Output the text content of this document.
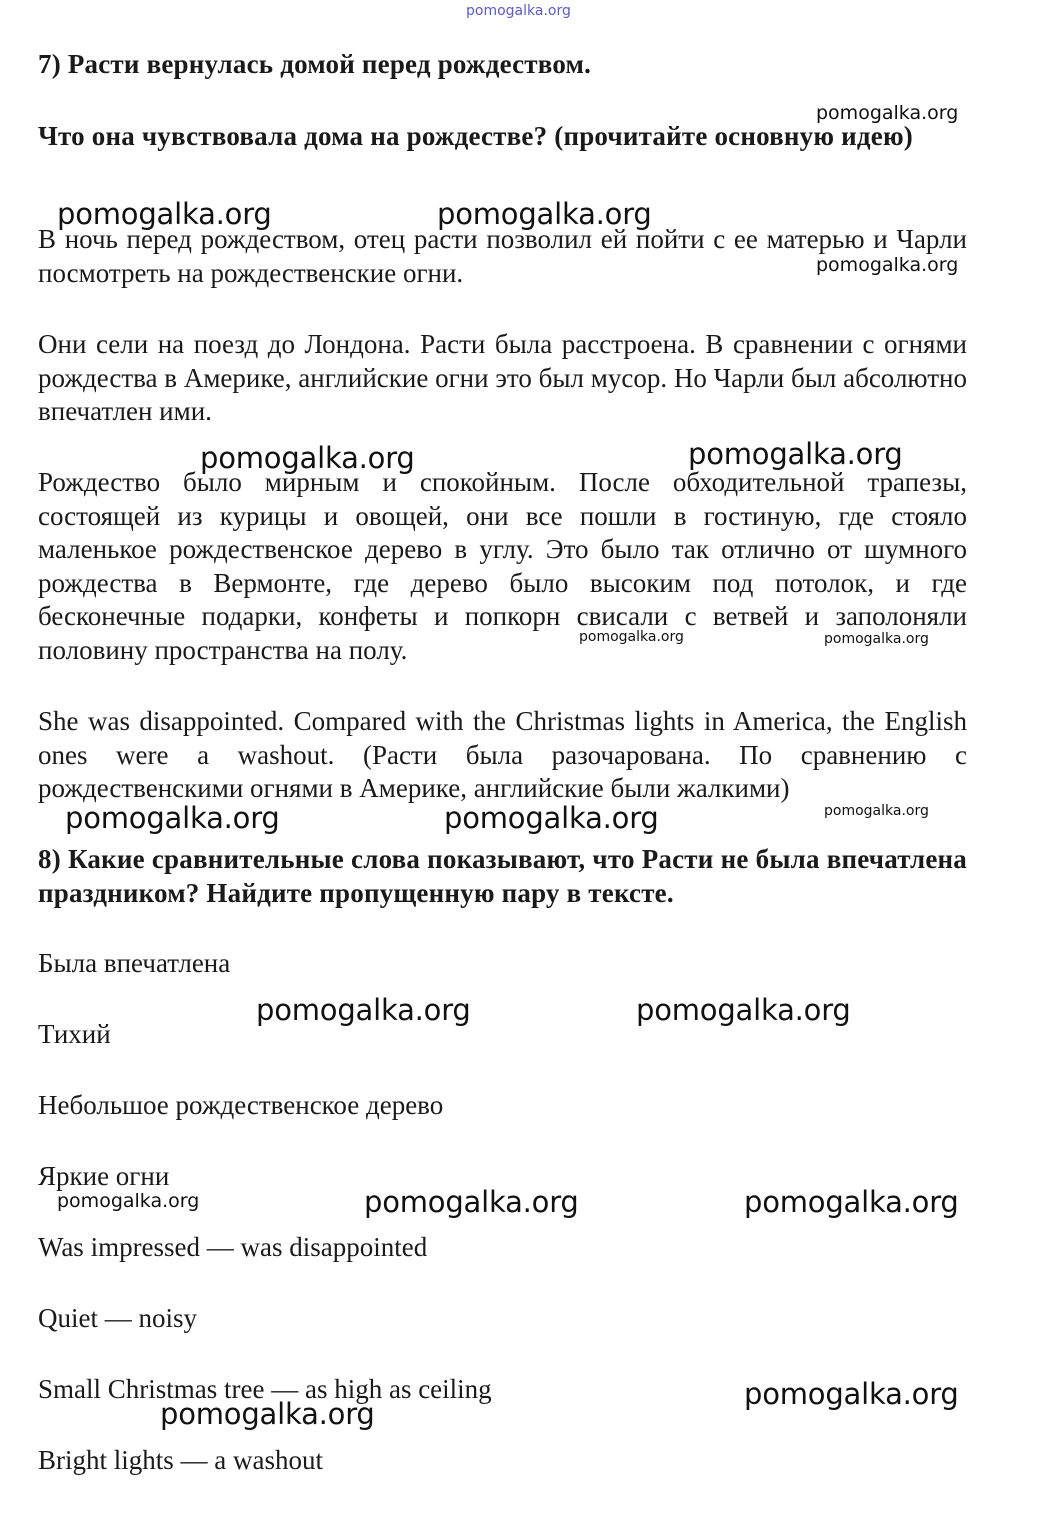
pomogalka.org

7) Расти вернулась домой перед рождеством.

Что она чувствовала дома на рождестве? (прочитайте основную идею)

В ночь перед рождеством, отец расти позволил ей пойти с ее матерью и Чарли посмотреть на рождественские огни.

Они сели на поезд до Лондона. Расти была расстроена. В сравнении с огнями рождества в Америке, английские огни это был мусор. Но Чарли был абсолютно впечатлен ими.

Рождество было мирным и спокойным. После обходительной трапезы, состоящей из курицы и овощей, они все пошли в гостиную, где стояло маленькое рождественское дерево в углу. Это было так отлично от шумного рождества в Вермонте, где дерево было высоким под потолок, и где бесконечные подарки, конфеты и попкорн свисали с ветвей и заполоняли половину пространства на полу.

She was disappointed. Compared with the Christmas lights in America, the English ones were a washout. (Расти была разочарована. По сравнению с рождественскими огнями в Америке, английские были жалкими)

8) Какие сравнительные слова показывают, что Расти не была впечатлена праздником? Найдите пропущенную пару в тексте.

Была впечатлена

Тихий

Небольшое рождественское дерево

Яркие огни

Was impressed — was disappointed

Quiet — noisy

Small Christmas tree — as high as ceiling

Bright lights — a washout

pomogalka.org
pomogalka.org	pomogalka.org
pomogalka.org
pomogalka.org	pomogalka.org
pomogalka.org	pomogalka.org
pomogalka.org
pomogalka.org	pomogalka.org
pomogalka.org	pomogalka.org
pomogalka.org	pomogalka.org	pomogalka.org
pomogalka.org
pomogalka.org
